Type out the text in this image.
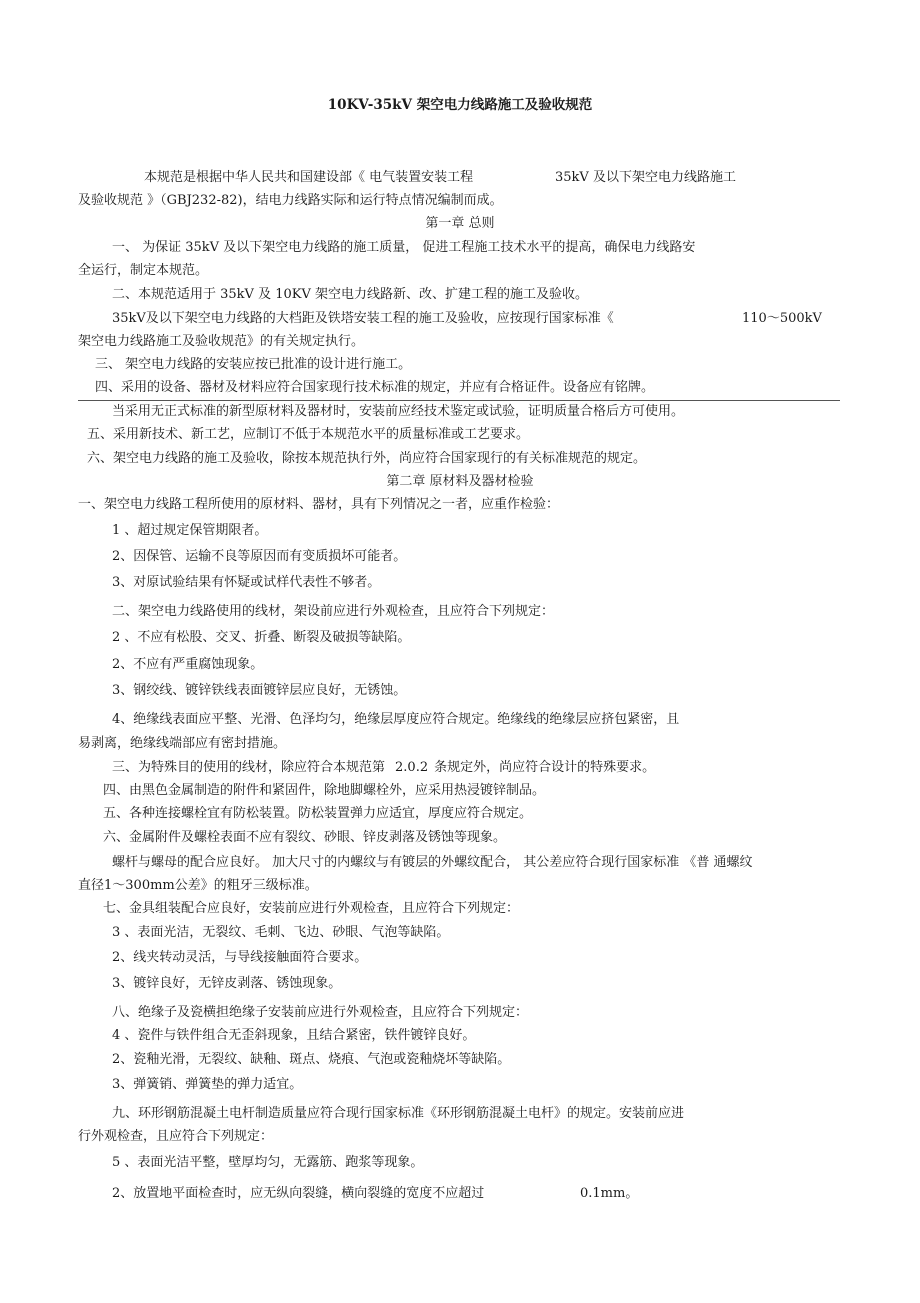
10KV-35kV 架空电力线路施工及验收规范
本规范是根据中华人民共和国建设部《 电气装置安装工程	35kV 及以下架空电力线路施工
及验收规范 》（GBJ232-82)，结电力线路实际和运行特点情况编制而成。
第一章 总则
一、 为保证 35kV 及以下架空电力线路的施工质量， 促进工程施工技术水平的提高，确保电力线路安
全运行，制定本规范。
二、本规范适用于 35kV 及 10KV 架空电力线路新、改、扩建工程的施工及验收。
35kV及以下架空电力线路的大档距及铁塔安装工程的施工及验收，应按现行国家标准《	110～500kV
架空电力线路施工及验收规范》的有关规定执行。
三、 架空电力线路的安装应按已批准的设计进行施工。
四、采用的设备、器材及材料应符合国家现行技术标准的规定，并应有合格证件。设备应有铭牌。
当采用无正式标准的新型原材料及器材时，安装前应经技术鉴定或试验，证明质量合格后方可使用。
五、采用新技术、新工艺，应制订不低于本规范水平的质量标准或工艺要求。
六、架空电力线路的施工及验收，除按本规范执行外，尚应符合国家现行的有关标准规范的规定。
第二章 原材料及器材检验
一、架空电力线路工程所使用的原材料、器材，具有下列情况之一者，应重作检验：
1 、超过规定保管期限者。
2、因保管、运输不良等原因而有变质损坏可能者。
3、对原试验结果有怀疑或试样代表性不够者。
二、架空电力线路使用的线材，架设前应进行外观检查，且应符合下列规定：
2 、不应有松股、交叉、折叠、断裂及破损等缺陷。
2、不应有严重腐蚀现象。
3、钢绞线、镀锌铁线表面镀锌层应良好，无锈蚀。
4、绝缘线表面应平整、光滑、色泽均匀，绝缘层厚度应符合规定。绝缘线的绝缘层应挤包紧密，且
易剥离，绝缘线端部应有密封措施。
三、为特殊目的使用的线材，除应符合本规范第 2.0.2 条规定外，尚应符合设计的特殊要求。
四、由黑色金属制造的附件和紧固件，除地脚螺栓外，应采用热浸镀锌制品。
五、各种连接螺栓宜有防松装置。防松装置弹力应适宜，厚度应符合规定。
六、金属附件及螺栓表面不应有裂纹、砂眼、锌皮剥落及锈蚀等现象。
螺杆与螺母的配合应良好。 加大尺寸的内螺纹与有镀层的外螺纹配合， 其公差应符合现行国家标准 《普 通螺纹
直径1～300mm公差》的粗牙三级标准。
七、金具组装配合应良好，安装前应进行外观检查，且应符合下列规定：
3 、表面光洁，无裂纹、毛刺、飞边、砂眼、气泡等缺陷。
2、线夹转动灵活，与导线接触面符合要求。
3、镀锌良好，无锌皮剥落、锈蚀现象。
八、绝缘子及瓷横担绝缘子安装前应进行外观检查，且应符合下列规定：
4 、瓷件与铁件组合无歪斜现象，且结合紧密，铁件镀锌良好。
2、瓷釉光滑，无裂纹、缺釉、斑点、烧痕、气泡或瓷釉烧坏等缺陷。
3、弹簧销、弹簧垫的弹力适宜。
九、环形钢筋混凝土电杆制造质量应符合现行国家标准《环形钢筋混凝土电杆》的规定。安装前应进
行外观检查，且应符合下列规定：
5 、表面光洁平整，壁厚均匀，无露筋、跑浆等现象。
2、放置地平面检查时，应无纵向裂缝，横向裂缝的宽度不应超过	0.1mm。
